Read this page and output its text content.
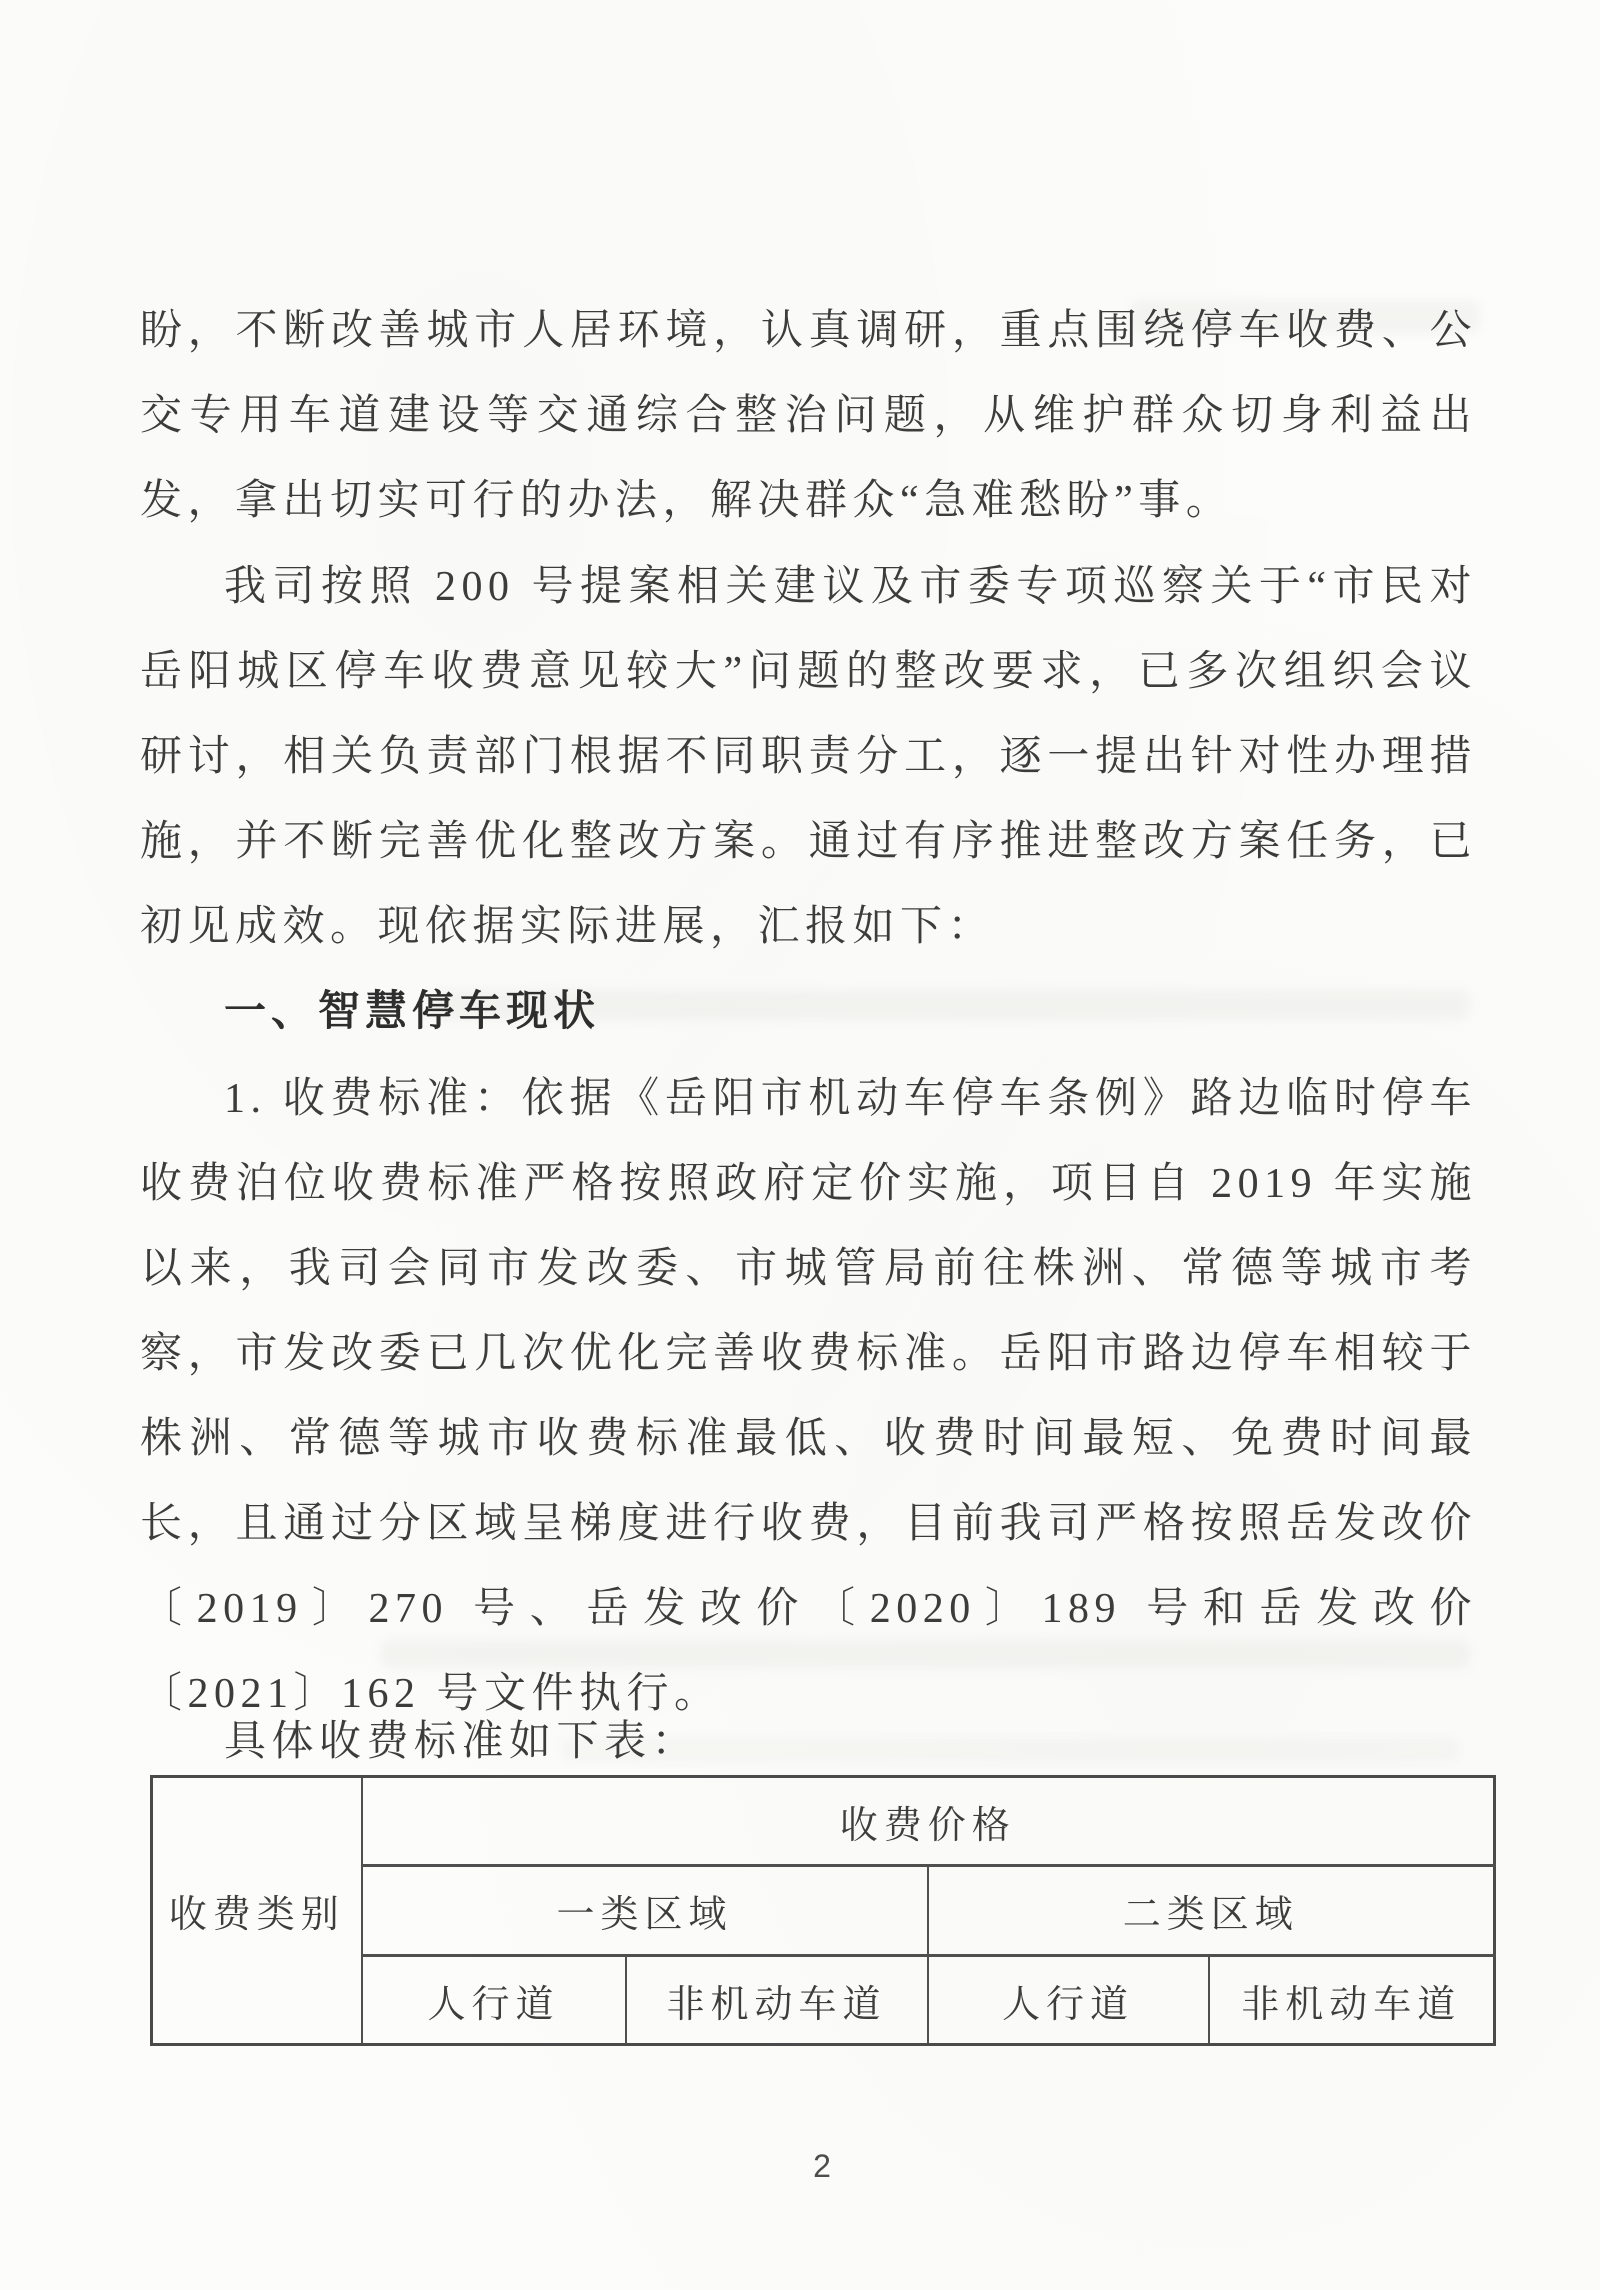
盼，不断改善城市人居环境，认真调研，重点围绕停车收费、公交专用车道建设等交通综合整治问题，从维护群众切身利益出发，拿出切实可行的办法，解决群众“急难愁盼”事。

我司按照 200 号提案相关建议及市委专项巡察关于“市民对岳阳城区停车收费意见较大”问题的整改要求，已多次组织会议研讨，相关负责部门根据不同职责分工，逐一提出针对性办理措施，并不断完善优化整改方案。通过有序推进整改方案任务，已初见成效。现依据实际进展，汇报如下：

一、智慧停车现状

1. 收费标准：依据《岳阳市机动车停车条例》路边临时停车收费泊位收费标准严格按照政府定价实施，项目自 2019 年实施以来，我司会同市发改委、市城管局前往株洲、常德等城市考察，市发改委已几次优化完善收费标准。岳阳市路边停车相较于株洲、常德等城市收费标准最低、收费时间最短、免费时间最长，且通过分区域呈梯度进行收费，目前我司严格按照岳发改价〔2019〕270 号、岳发改价〔2020〕189 号和岳发改价〔2021〕162 号文件执行。

具体收费标准如下表：

收费类别	收费价格			
	一类区域		二类区域	
	人行道	非机动车道	人行道	非机动车道
2
